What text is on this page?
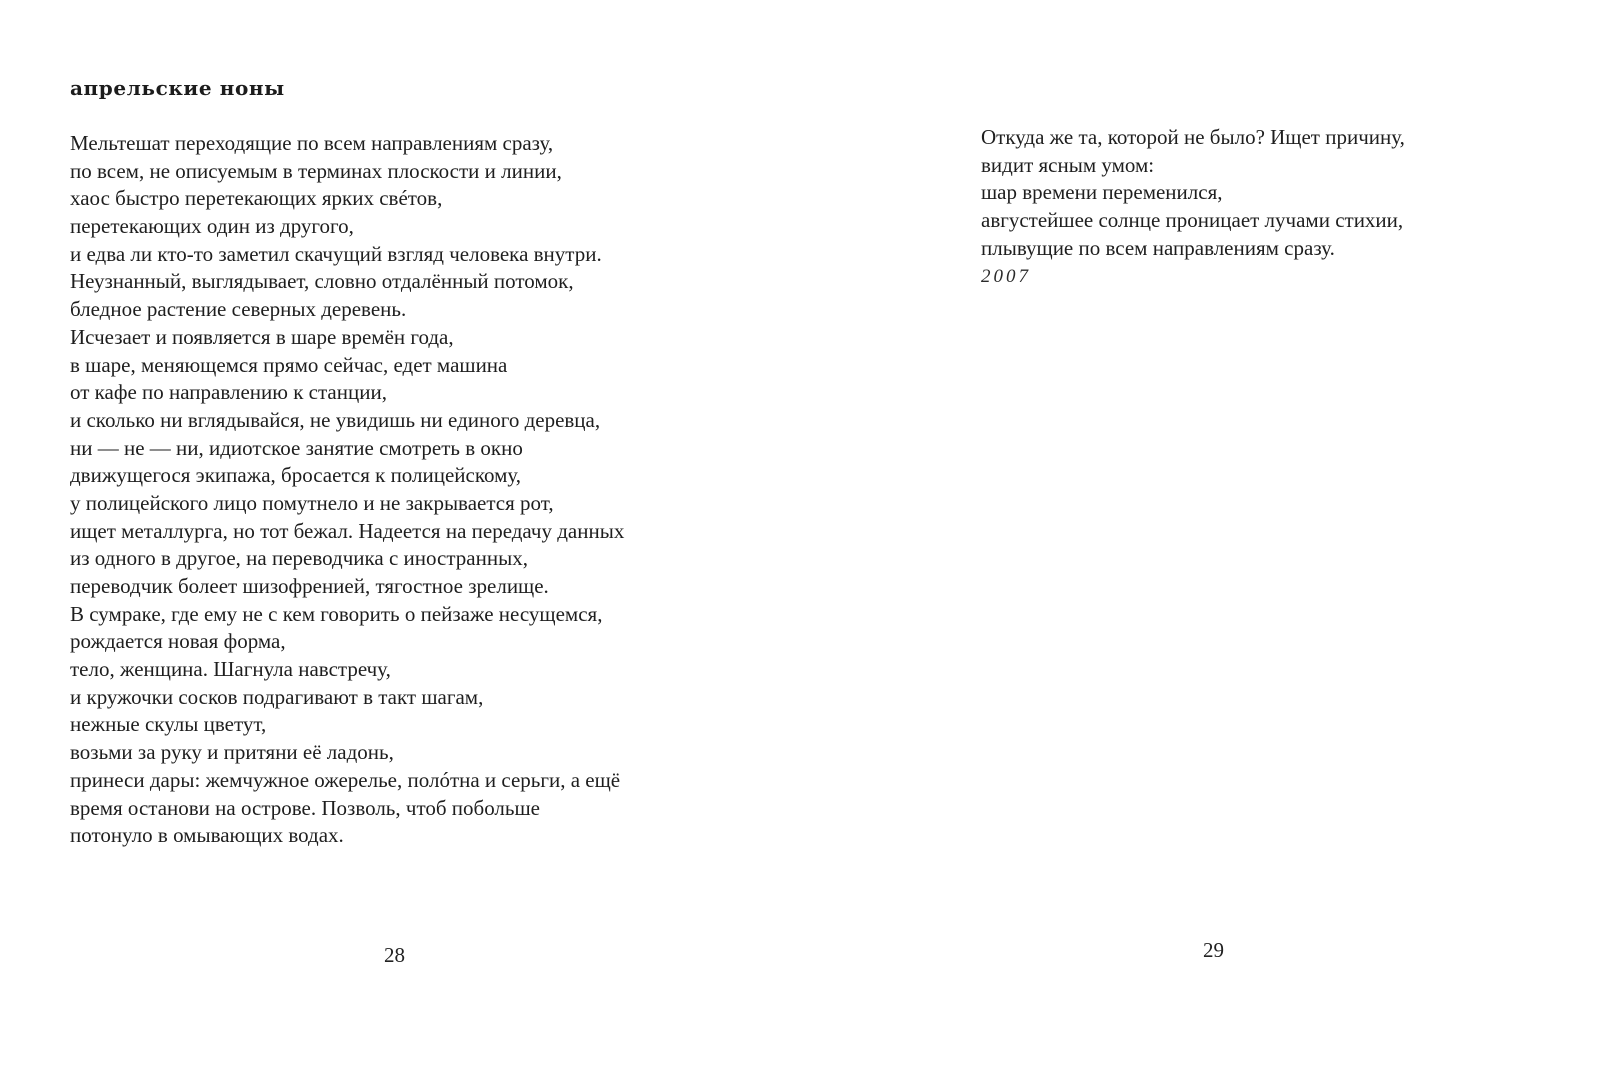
апрельские ноны
Мельтешат переходящие по всем направлениям сразу,
по всем, не описуемым в терминах плоскости и линии,
хаос быстро перетекающих ярких свéтов,
перетекающих один из другого,
и едва ли кто-то заметил скачущий взгляд человека внутри.
Неузнанный, выглядывает, словно отдалённый потомок,
бледное растение северных деревень.
Исчезает и появляется в шаре времён года,
в шаре, меняющемся прямо сейчас, едет машина
от кафе по направлению к станции,
и сколько ни вглядывайся, не увидишь ни единого деревца,
ни — не — ни, идиотское занятие смотреть в окно
движущегося экипажа, бросается к полицейскому,
у полицейского лицо помутнело и не закрывается рот,
ищет металлурга, но тот бежал. Надеется на передачу данных
из одного в другое, на переводчика с иностранных,
переводчик болеет шизофренией, тягостное зрелище.
В сумраке, где ему не с кем говорить о пейзаже несущемся,
рождается новая форма,
тело, женщина. Шагнула навстречу,
и кружочки сосков подрагивают в такт шагам,
нежные скулы цветут,
возьми за руку и притяни её ладонь,
принеси дары: жемчужное ожерелье, полóтна и серьги, а ещё
время останови на острове. Позволь, чтоб побольше
потонуло в омывающих водах.
28
Откуда же та, которой не было? Ищет причину,
видит ясным умом:
шар времени переменился,
августейшее солнце проницает лучами стихии,
плывущие по всем направлениям сразу.
2007
29
